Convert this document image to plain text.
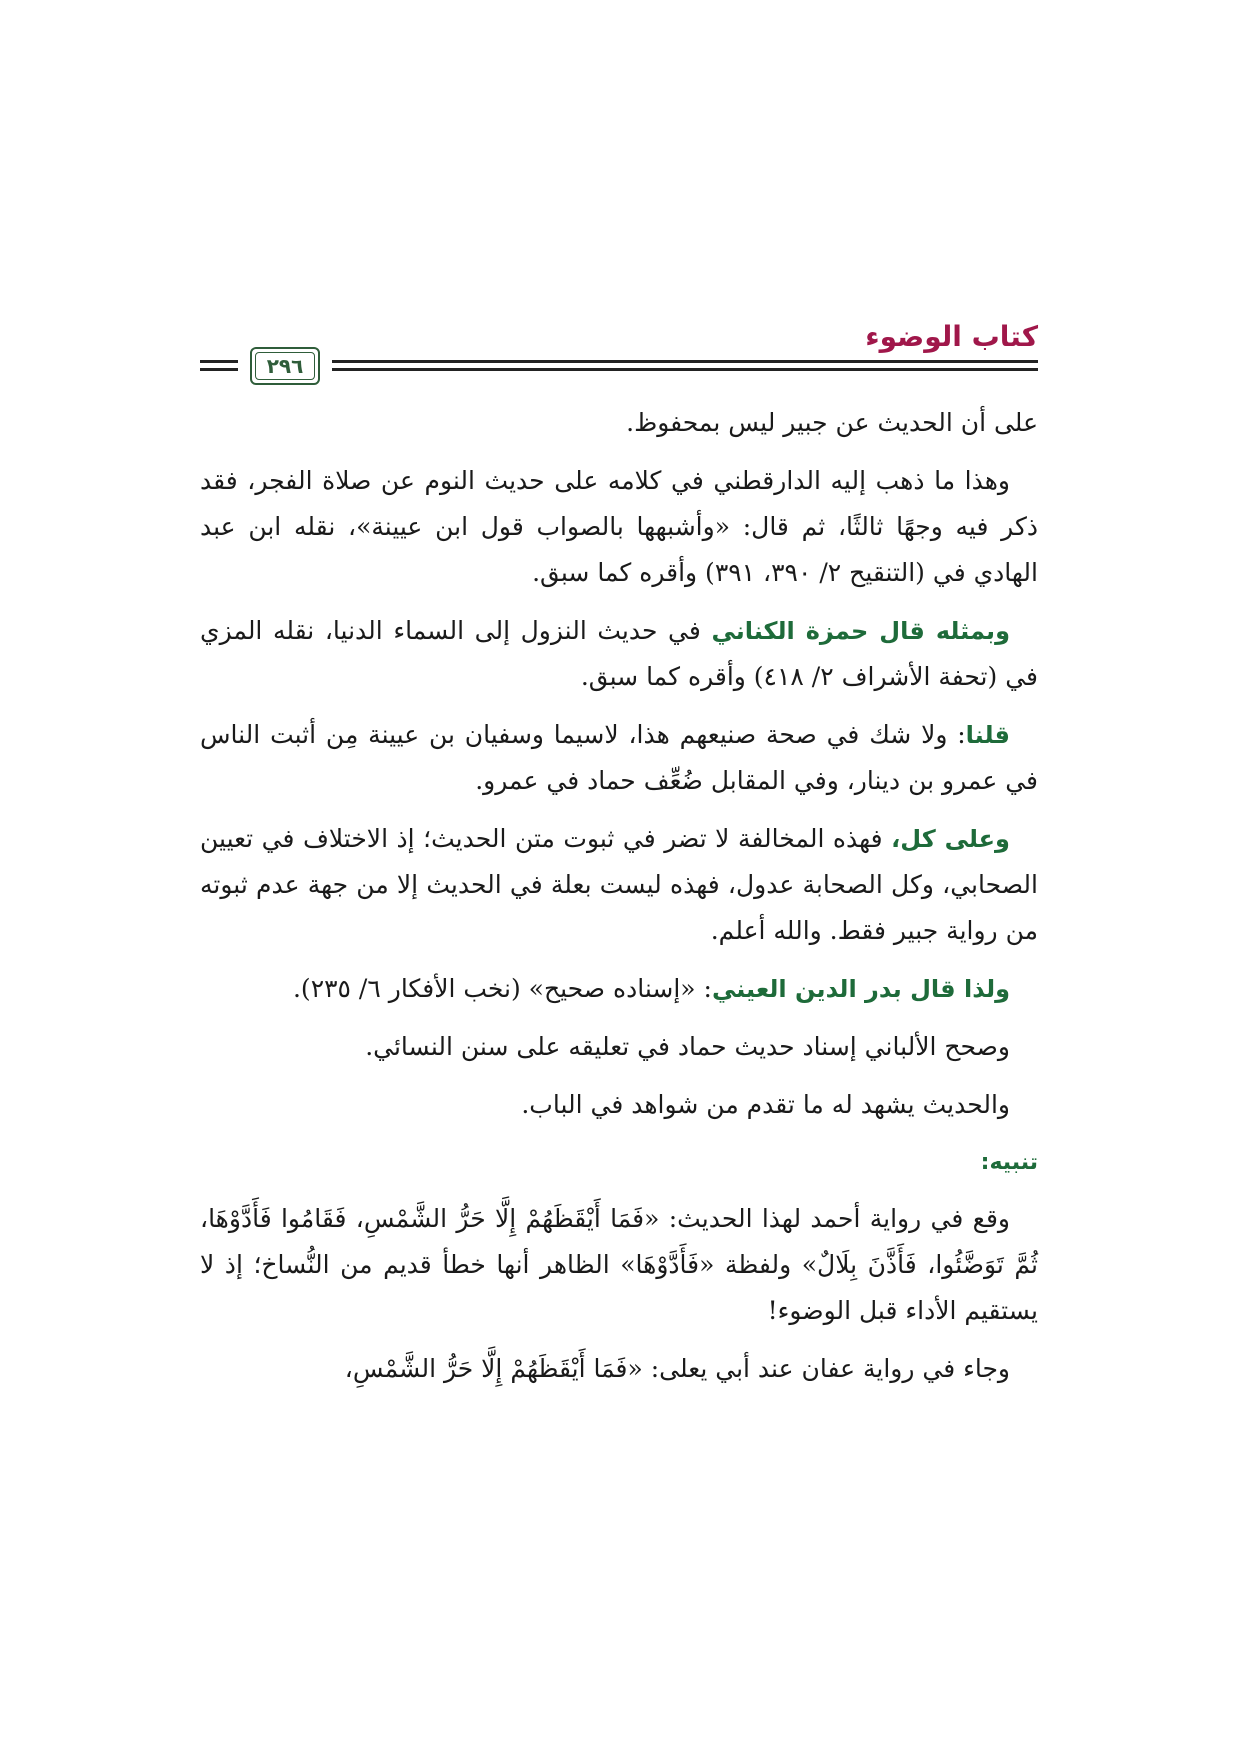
كتاب الوضوء
٢٩٦

على أن الحديث عن جبير ليس بمحفوظ.

وهذا ما ذهب إليه الدارقطني في كلامه على حديث النوم عن صلاة الفجر، فقد ذكر فيه وجهًا ثالثًا، ثم قال: «وأشبهها بالصواب قول ابن عيينة»، نقله ابن عبد الهادي في (التنقيح ٢/ ٣٩٠، ٣٩١) وأقره كما سبق.

وبمثله قال حمزة الكناني في حديث النزول إلى السماء الدنيا، نقله المزي في (تحفة الأشراف ٢/ ٤١٨) وأقره كما سبق.

قلنا: ولا شك في صحة صنيعهم هذا، لاسيما وسفيان بن عيينة مِن أثبت الناس في عمرو بن دينار، وفي المقابل ضُعِّف حماد في عمرو.

وعلى كل، فهذه المخالفة لا تضر في ثبوت متن الحديث؛ إذ الاختلاف في تعيين الصحابي، وكل الصحابة عدول، فهذه ليست بعلة في الحديث إلا من جهة عدم ثبوته من رواية جبير فقط. والله أعلم.

ولذا قال بدر الدين العيني: «إسناده صحيح» (نخب الأفكار ٦/ ٢٣٥).

وصحح الألباني إسناد حديث حماد في تعليقه على سنن النسائي.

والحديث يشهد له ما تقدم من شواهد في الباب.

تنبيه:

وقع في رواية أحمد لهذا الحديث: «فَمَا أَيْقَظَهُمْ إِلَّا حَرُّ الشَّمْسِ، فَقَامُوا فَأَدَّوْهَا، ثُمَّ تَوَضَّئُوا، فَأَذَّنَ بِلَالٌ» ولفظة «فَأَدَّوْهَا» الظاهر أنها خطأ قديم من النُّساخ؛ إذ لا يستقيم الأداء قبل الوضوء!

وجاء في رواية عفان عند أبي يعلى: «فَمَا أَيْقَظَهُمْ إِلَّا حَرُّ الشَّمْسِ،
